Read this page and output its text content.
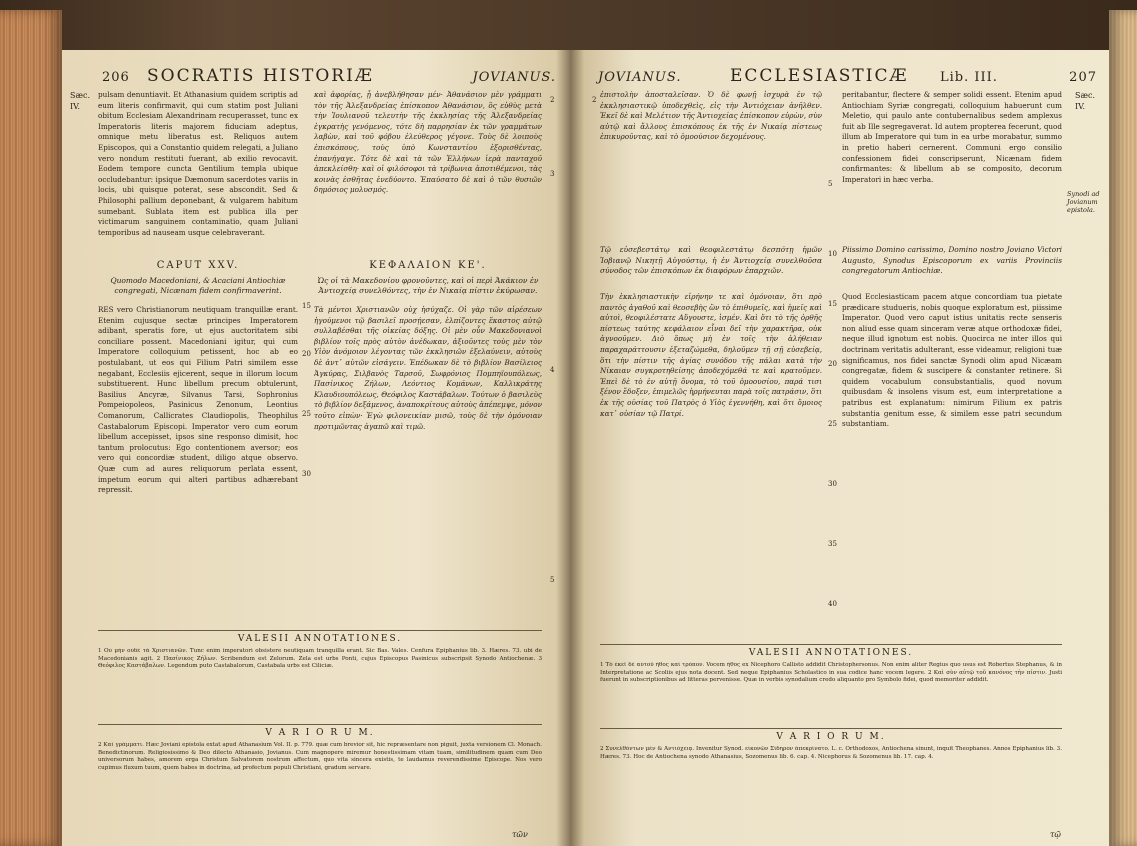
206 SOCRATIS HISTORIÆ	JOVIANUS.
Sæc. IV.

pulsam denuntiavit. Et Athanasium quidem scriptis ad eum literis confirmavit, qui cum statim post Juliani obitum Ecclesiam Alexandrinam recuperasset, tunc ex Imperatoris literis majorem fiduciam adeptus, omnique metu liberatus est. Reliquos autem Episcopos, qui a Constantio quidem relegati, a Juliano vero nondum restituti fuerant, ab exilio revocavit. Eodem tempore cuncta Gentilium templa ubique occludebantur: ipsique Dæmonum sacerdotes variis in locis, ubi quisque poterat, sese abscondit. Sed & Philosophi pallium deponebant, & vulgarem habitum sumebant. Sublata item est publica illa per victimarum sanguinem contaminatio, quam Juliani temporibus ad nauseam usque celebraverant.

καὶ ἀφορίας, ᾗ ἀνεβλήθησαν μέν· Ἀθανάσιον μὲν γράμματι τὸν τῆς Ἀλεξανδρείας ἐπίσκοπον Ἀθανάσιον, ὃς εὐθὺς μετὰ τὴν Ἰουλιανοῦ τελευτὴν τῆς ἐκκλησίας τῆς Ἀλεξανδρείας ἐγκρατὴς γενόμενος, τότε δὴ παρρησίαν ἐκ τῶν γραμμάτων λαβὼν, καὶ τοῦ φόβου ἐλεύθερος γέγονε. Τοὺς δὲ λοιποὺς ἐπισκόπους, τοὺς ὑπὸ Κωνσταντίου ἐξορισθέντας, ἐπανήγαγε. Τότε δὲ καὶ τὰ τῶν Ἑλλήνων ἱερὰ πανταχοῦ ἀπεκλείσθη· καὶ οἱ φιλόσοφοι τὰ τρίβωνια ἀποτιθέμενοι, τὰς κοινὰς ἐσθῆτας ἐνεδύοντο. Ἐπαύσατο δὲ καὶ ὁ τῶν θυσιῶν δημόσιος μολυσμός.

2
3
15
CAPUT XXV.
Quomodo Macedoniani, & Acaciani Antiochiæ congregati, Nicænam fidem confirmaverint.
ΚΕΦΑΛΑΙΟΝ ΚΕ'.
Ὡς οἱ τὰ Μακεδονίου φρονοῦντες, καὶ οἱ περὶ Ἀκάκιον ἐν Ἀντιοχείᾳ συνελθόντες, τὴν ἐν Νικαίᾳ πίστιν ἐκύρωσαν.

RES vero Christianorum neutiquam tranquillæ erant. Etenim cujusque sectæ principes Imperatorem adibant, speratis fore, ut ejus auctoritatem sibi conciliare possent. Macedoniani igitur, qui cum Imperatore colloquium petissent, hoc ab eo postulabant, ut eos qui Filium Patri similem esse negabant, Ecclesiis ejicerent, seque in illorum locum substituerent. Hunc libellum precum obtulerunt, Basilius Ancyræ, Silvanus Tarsi, Sophronius Pompeiopoleos, Pasinicus Zenonum, Leontius Comanorum, Callicrates Claudiopolis, Theophilus Castabalorum Episcopi. Imperator vero cum eorum libellum accepisset, ipsos sine responso dimisit, hoc tantum prolocutus: Ego contentionem aversor; eos vero qui concordiæ student, diligo atque observo. Quæ cum ad aures reliquorum perlata essent, impetum eorum qui alteri partibus adhærebant repressit.

Τὰ μέντοι Χριστιανῶν οὐχ ἡσύχαζε. Οἱ γὰρ τῶν αἱρέσεων ἡγούμενοι τῷ βασιλεῖ προσῄεσαν, ἐλπίζοντες ἕκαστος αὐτῷ συλλαβέσθαι τῆς οἰκείας δόξης. Οἱ μὲν οὖν Μακεδονιανοὶ βιβλίον τοῖς πρὸς αὐτὸν ἀνέδωκαν, ἀξιοῦντες τοὺς μὲν τὸν Υἱὸν ἀνόμοιον λέγοντας τῶν ἐκκλησιῶν ἐξελαύνειν, αὐτοὺς δὲ ἀντ᾽ αὐτῶν εἰσάγειν. Ἐπέδωκαν δὲ τὸ βιβλίον Βασίλειος Ἀγκύρας, Σιλβανὸς Ταρσοῦ, Σωφρόνιος Πομπηϊουπόλεως, Πασίνικος Ζήλων, Λεόντιος Κομάνων, Καλλικράτης Κλαυδιουπόλεως, Θεόφιλος Καστάβαλων. Τούτων ὁ βασιλεὺς τὸ βιβλίον δεξάμενος, ἀναποκρίτους αὐτοὺς ἀπέπεμψε, μόνον τοῦτο εἰπὼν· Ἐγὼ φιλονεικίαν μισῶ, τοὺς δὲ τὴν ὁμόνοιαν προτιμῶντας ἀγαπῶ καὶ τιμῶ.

20
25
30
4
5
VALESII ANNOTATIONES.
1 Οὐ μὴν οὐδὲ τὰ Χριστιανῶν. Tunc enim imperatori obsistere neutiquam tranquilla erant. Sic Bas. Vales. Cenfura Epiphanius lib. 3. Hæres. 73. ubi de Macedonianis agit. 2 Πασίνικος Ζήλων. Scribendum est Zelorum. Zela est urbs Ponti, cujus Episcopus Pasinicus subscripsit Synodo Antiochenæ. 3 Θεόφιλος Καστάβαλων. Legendum puto Castabalorum, Castabala urbs est Ciliciæ.
V A R I O R U M.
2 Καὶ γράμματι. Hæc Joviani epistola extat apud Athanasium Vol. II. p. 779. quæ cum brevior sit, hic repræsentare non piguit, juxta versionem Cl. Monach. Benedictinorum. Religiosissimo & Deo dilecto Athanasio, Jovianus. Cum magnopere miremur honestissimam vitam tuam, similitudinem quam cum Deo universorum habes, amorem erga Christum Salvatorem nostrum affectum, quo vita sincera existis, te laudamus reverendissime Episcope. Nos vero cupimus fluxum tuum, quem habes in doctrina, ad profectum populi Christiani, gradum servare.
τῶν
JOVIANUS.	ECCLESIASTICÆ Lib. III.	207
Sæc. IV.
Synodi ad Jovianum epistola.

ἐπιστολὴν ἀποσταλεῖσαν. Ὁ δὲ φωνῇ ἰσχυρὰ ἐν τῷ ἐκκλησιαστικῷ ὑποδεχθεὶς, εἰς τὴν Ἀντιόχειαν ἀνῆλθεν. Ἐκεῖ δὲ καὶ Μελέτιον τῆς Ἀντιοχείας ἐπίσκοπον εὑρὼν, σὺν αὐτῷ καὶ ἄλλους ἐπισκόπους ἐκ τῆς ἐν Νικαίᾳ πίστεως ἐπικυροῦντας, καὶ τὸ ὁμοούσιον δεχομένους.

peritabantur, flectere & semper solidi essent. Etenim apud Antiochiam Syriæ congregati, colloquium habuerunt cum Meletio, qui paulo ante contubernalibus sedem amplexus fuit ab Ille segregaverat. Id autem propterea fecerunt, quod illum ab Imperatore qui tum in ea urbe morabatur, summo in pretio haberi cernerent. Communi ergo consilio confessionem fidei conscripserunt, Nicænam fidem confirmantes: & libellum ab se composito, decorum Imperatori in hæc verba.

2
5

Τῷ εὐσεβεστάτῳ καὶ θεοφιλεστάτῳ δεσπότῃ ἡμῶν Ἰοβιανῷ Νικητῇ Αὐγούστῳ, ἡ ἐν Ἀντιοχείᾳ συνελθοῦσα σύνοδος τῶν ἐπισκόπων ἐκ διαφόρων ἐπαρχιῶν.

Piissimo Domino carissimo, Domino nostro Joviano Victori Augusto, Synodus Episcoporum ex variis Provinciis congregatorum Antiochiæ.

10

Τὴν ἐκκλησιαστικὴν εἰρήνην τε καὶ ὁμόνοιαν, ὅτι πρὸ παντὸς ἀγαθοῦ καὶ θεοσεβὴς ὢν τὸ ἐπιθυμεῖς, καὶ ἡμεῖς καὶ αὐτοὶ, θεοφιλέστατε Αὔγουστε, ἰσμέν. Καὶ ὅτι τὸ τῆς ὀρθῆς πίστεως ταύτης κεφάλαιον εἶναι δεῖ τὴν χαρακτῆρα, οὐκ ἀγνοοῦμεν. Διὸ ὅπως μὴ ἐν τοῖς τὴν ἀλήθειαν παραχαράττουσιν ἐξεταζώμεθα, δηλοῦμεν τῇ σῇ εὐσεβείᾳ, ὅτι τὴν πίστιν τῆς ἁγίας συνόδου τῆς πάλαι κατὰ τὴν Νίκαιαν συγκροτηθείσης ἀποδεχόμεθά τε καὶ κρατοῦμεν. Ἐπεὶ δὲ τὸ ἐν αὐτῇ ὄνομα, τὸ τοῦ ὁμοουσίου, παρά τισι ξένον ἔδοξεν, ἐπιμελῶς ἡρμήνευται παρὰ τοῖς πατράσιν, ὅτι ἐκ τῆς οὐσίας τοῦ Πατρὸς ὁ Υἱὸς ἐγεννήθη, καὶ ὅτι ὅμοιος κατ᾽ οὐσίαν τῷ Πατρί.

Quod Ecclesiasticam pacem atque concordiam tua pietate prædicare studueris, nobis quoque exploratum est, piissime Imperator. Quod vero caput istius unitatis recte senseris non aliud esse quam sinceram veræ atque orthodoxæ fidei, neque illud ignotum est nobis. Quocirca ne inter illos qui doctrinam veritatis adulterant, esse videamur, religioni tuæ significamus, nos fidei sanctæ Synodi olim apud Nicæam congregatæ, fidem & suscipere & constanter retinere. Si quidem vocabulum consubstantialis, quod novum quibusdam & insolens visum est, eum interpretatione a patribus est explanatum: nimirum Filium ex patris substantia genitum esse, & similem esse patri secundum substantiam.

15
20
25
30
35
40
VALESII ANNOTATIONES.
1 Τὸ ἐκεῖ δὲ αὐτοῦ ἦθος καὶ τρόπον. Vocem ἦθος ex Nicephoro Callisto addidit Christophersonus. Non enim aliter Regius quo usus est Robertus Stephanus, & in Interpretatione ac Scoliis ejus nota docent. Sed neque Epiphanius Scholastico in sua codice hanc vocem legere. 2 Καὶ σὺν αὐτῷ τοῦ κανόνος τὴν πίστιν. Justi fuerunt in subscriptionibus ad litteras pervenisse. Quæ in verbis synodalium credo aliquanto pro Symbolo fidei, quod memoriter addidit.
V A R I O R U M.
2 Συνελθόντων μὲν & Ἀντιόχειᾳ. Invenitur Synod. εἰκονῶν Σίδηρον ἀπεκρίνατο. L. c. Orthodoxos, Antiochena sinunt, inquit Theophanes. Annos Epiphanius lib. 3. Hæres. 73. Hoc de Antiochena synodo Athanasius, Sozomenus lib. 6. cap. 4. Nicephorus & Sozomenus lib. 17. cap. 4.
τῷ
